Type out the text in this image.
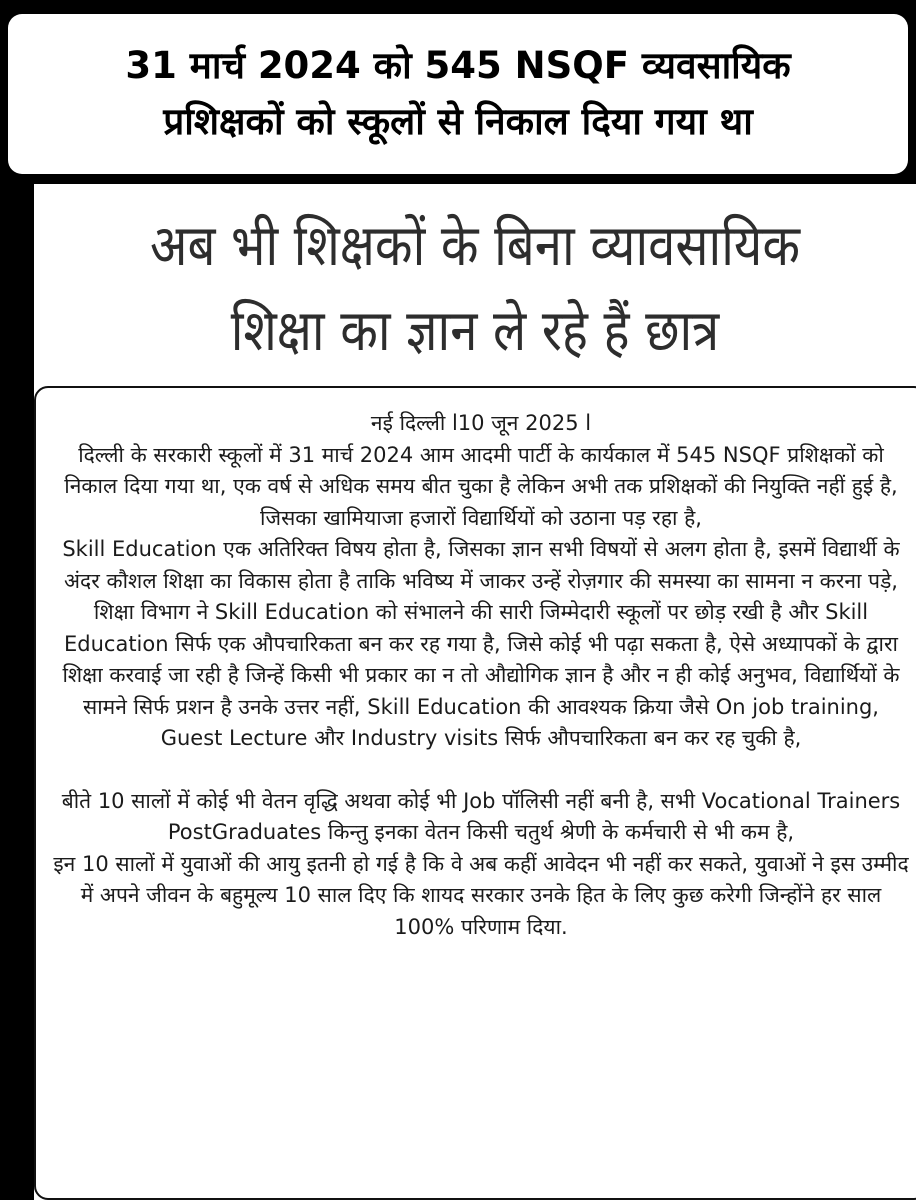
31 मार्च 2024 को 545 NSQF व्यवसायिक
प्रशिक्षकों को स्कूलों से निकाल दिया गया था
अब भी शिक्षकों के बिना व्यावसायिक
शिक्षा का ज्ञान ले रहे हैं छात्र

नई दिल्ली l10 जून 2025 l

दिल्ली के सरकारी स्कूलों में 31 मार्च 2024 आम आदमी पार्टी के कार्यकाल में 545 NSQF प्रशिक्षकों को निकाल दिया गया था, एक वर्ष से अधिक समय बीत चुका है लेकिन अभी तक प्रशिक्षकों की नियुक्ति नहीं हुई है, जिसका खामियाजा हजारों विद्यार्थियों को उठाना पड़ रहा है,

Skill Education एक अतिरिक्त विषय होता है, जिसका ज्ञान सभी विषयों से अलग होता है, इसमें विद्यार्थी के अंदर कौशल शिक्षा का विकास होता है ताकि भविष्य में जाकर उन्हें रोज़गार की समस्या का सामना न करना पड़े,

शिक्षा विभाग ने Skill Education को संभालने की सारी जिम्मेदारी स्कूलों पर छोड़ रखी है और Skill Education सिर्फ एक औपचारिकता बन कर रह गया है, जिसे कोई भी पढ़ा सकता है, ऐसे अध्यापकों के द्वारा शिक्षा करवाई जा रही है जिन्हें किसी भी प्रकार का न तो औद्योगिक ज्ञान है और न ही कोई अनुभव, विद्यार्थियों के सामने सिर्फ प्रशन है उनके उत्तर नहीं, Skill Education की आवश्यक क्रिया जैसे On job training, Guest Lecture और Industry visits सिर्फ औपचारिकता बन कर रह चुकी है,

बीते 10 सालों में कोई भी वेतन वृद्धि अथवा कोई भी Job पॉलिसी नहीं बनी है, सभी Vocational Trainers PostGraduates किन्तु इनका वेतन किसी चतुर्थ श्रेणी के कर्मचारी से भी कम है,

इन 10 सालों में युवाओं की आयु इतनी हो गई है कि वे अब कहीं आवेदन भी नहीं कर सकते, युवाओं ने इस उम्मीद में अपने जीवन के बहुमूल्य 10 साल दिए कि शायद सरकार उनके हित के लिए कुछ करेगी जिन्होंने हर साल 100% परिणाम दिया.
